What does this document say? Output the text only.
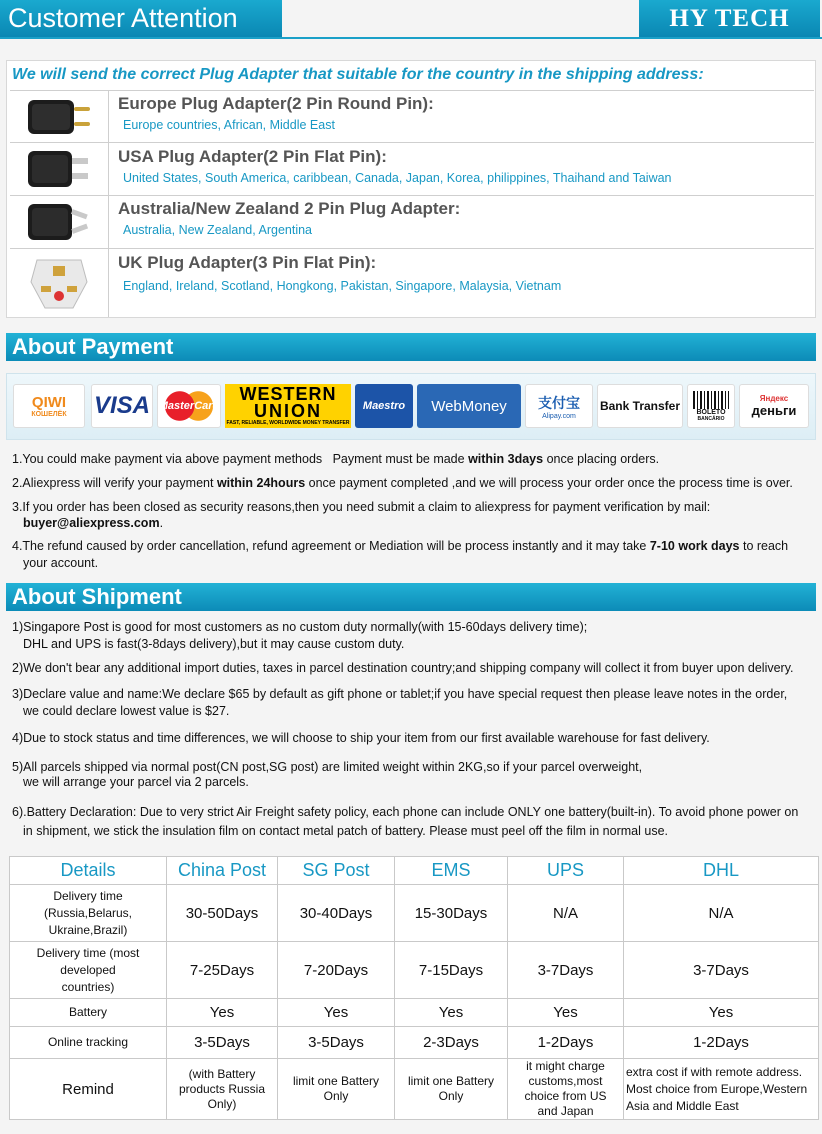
Customer Attention	HY TECH
We will send the correct Plug Adapter that suitable for the country in the shipping address:
Europe Plug Adapter(2 Pin Round Pin):
Europe countries, African, Middle East
USA Plug Adapter(2 Pin Flat Pin):
United States, South America, caribbean, Canada, Japan, Korea, philippines, Thaihand and Taiwan
Australia/New Zealand 2 Pin Plug Adapter:
Australia, New Zealand, Argentina
UK Plug Adapter(3 Pin Flat Pin):
England, Ireland, Scotland, Hongkong, Pakistan, Singapore, Malaysia, Vietnam
About Payment
QIWI
КОШЕЛЁК VISA MasterCard
WESTERN
UNION
FAST, RELIABLE, WORLDWIDE MONEY TRANSFER
Maestro	WebMoney	支付宝
Alipay.com
Bank Transfer	BOLETO
BANCÁRIO
Яндекс
деньги
1.You could make payment via above payment methods Payment must be made within 3days once placing orders.
2.Aliexpress will verify your payment within 24hours once payment completed ,and we will process your order once the process time is over.
3.If you order has been closed as security reasons,then you need submit a claim to aliexpress for payment verification by mail:
buyer@aliexpress.com.
4.The refund caused by order cancellation, refund agreement or Mediation will be process instantly and it may take 7-10 work days to reach
your account.
About Shipment
1)Singapore Post is good for most customers as no custom duty normally(with 15-60days delivery time);
DHL and UPS is fast(3-8days delivery),but it may cause custom duty.
2)We don't bear any additional import duties, taxes in parcel destination country;and shipping company will collect it from buyer upon delivery.
3)Declare value and name:We declare $65 by default as gift phone or tablet;if you have special request then please leave notes in the order,
we could declare lowest value is $27.
4)Due to stock status and time differences, we will choose to ship your item from our first available warehouse for fast delivery.
5)All parcels shipped via normal post(CN post,SG post) are limited weight within 2KG,so if your parcel overweight,
we will arrange your parcel via 2 parcels.
6).Battery Declaration: Due to very strict Air Freight safety policy, each phone can include ONLY one battery(built-in). To avoid phone power on
in shipment, we stick the insulation film on contact metal patch of battery. Please must peel off the film in normal use.
Details	China Post	SG Post	EMS	UPS	DHL
Delivery time (Russia,Belarus, Ukraine,Brazil)	30-50Days	30-40Days	15-30Days	N/A	N/A
Delivery time (most developed countries)	7-25Days	7-20Days	7-15Days	3-7Days	3-7Days
Battery	Yes	Yes	Yes	Yes	Yes
Online tracking	3-5Days	3-5Days	2-3Days	1-2Days	1-2Days
Remind	(with Battery products Russia Only)	limit one Battery Only	limit one Battery Only	it might charge customs,most choice from US and Japan	extra cost if with remote address. Most choice from Europe,Western Asia and Middle East
